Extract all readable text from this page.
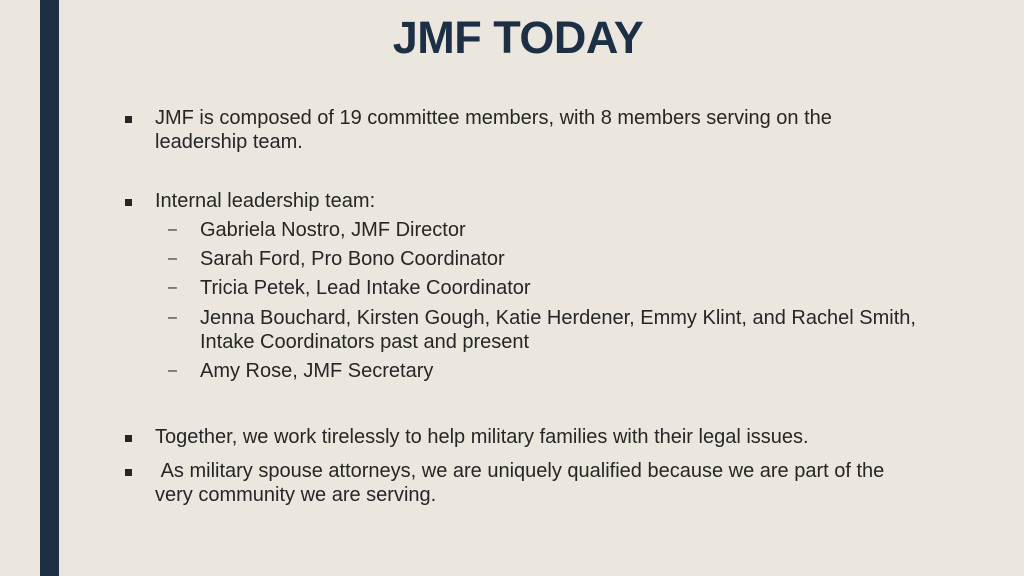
JMF TODAY
JMF is composed of 19 committee members, with 8 members serving on the leadership team.
Internal leadership team:
– Gabriela Nostro, JMF Director
– Sarah Ford, Pro Bono Coordinator
– Tricia Petek, Lead Intake Coordinator
– Jenna Bouchard, Kirsten Gough, Katie Herdener, Emmy Klint, and Rachel Smith, Intake Coordinators past and present
– Amy Rose, JMF Secretary
Together, we work tirelessly to help military families with their legal issues.
As military spouse attorneys, we are uniquely qualified because we are part of the very community we are serving.
